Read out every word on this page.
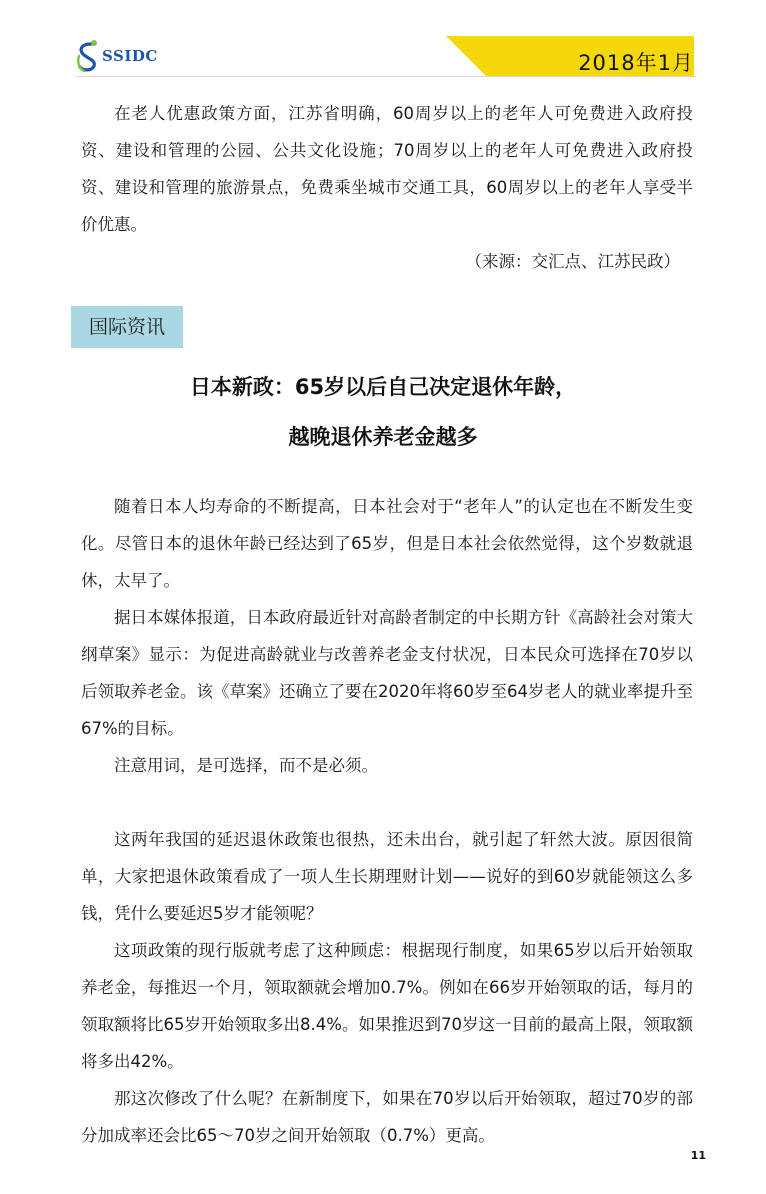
SSIDC	2018年1月

在老人优惠政策方面，江苏省明确，60周岁以上的老年人可免费进入政府投资、建设和管理的公园、公共文化设施；70周岁以上的老年人可免费进入政府投资、建设和管理的旅游景点，免费乘坐城市交通工具，60周岁以上的老年人享受半价优惠。

（来源：交汇点、江苏民政）
国际资讯
日本新政：65岁以后自己决定退休年龄，
越晚退休养老金越多

随着日本人均寿命的不断提高，日本社会对于“老年人”的认定也在不断发生变化。尽管日本的退休年龄已经达到了65岁，但是日本社会依然觉得，这个岁数就退休，太早了。

据日本媒体报道，日本政府最近针对高龄者制定的中长期方针《高龄社会对策大纲草案》显示：为促进高龄就业与改善养老金支付状况，日本民众可选择在70岁以后领取养老金。该《草案》还确立了要在2020年将60岁至64岁老人的就业率提升至67%的目标。

注意用词，是可选择，而不是必须。

这两年我国的延迟退休政策也很热，还未出台，就引起了轩然大波。原因很简单，大家把退休政策看成了一项人生长期理财计划——说好的到60岁就能领这么多钱，凭什么要延迟5岁才能领呢？

这项政策的现行版就考虑了这种顾虑：根据现行制度，如果65岁以后开始领取养老金，每推迟一个月，领取额就会增加0.7%。例如在66岁开始领取的话，每月的领取额将比65岁开始领取多出8.4%。如果推迟到70岁这一目前的最高上限，领取额将多出42%。

那这次修改了什么呢？在新制度下，如果在70岁以后开始领取，超过70岁的部分加成率还会比65～70岁之间开始领取（0.7%）更高。

11
